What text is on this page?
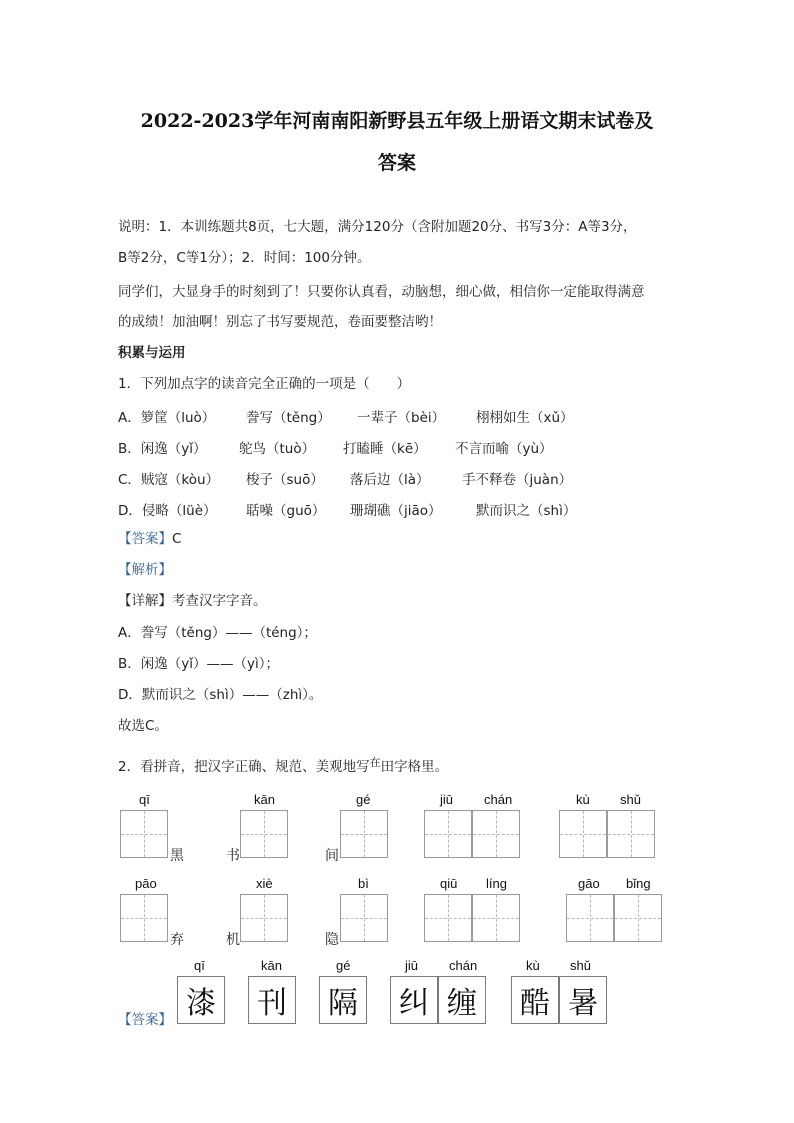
2022-2023学年河南南阳新野县五年级上册语文期末试卷及
答案
说明：1．本训练题共8页，七大题，满分120分（含附加题20分、书写3分：A等3分，
B等2分，C等1分）；2．时间：100分钟。
同学们，大显身手的时刻到了！只要你认真看，动脑想，细心做，相信你一定能取得满意
的成绩！加油啊！别忘了书写要规范，卷面要整洁哟！
积累与运用
1．下列加点字的读音完全正确的一项是（　　）
A．箩筐（luò） 誊写（těng） 一辈子（bèi） 栩栩如生（xǔ）
B．闲逸（yǐ） 鸵鸟（tuò） 打瞌睡（kē） 不言而喻（yù）
C．贼寇（kòu） 梭子（suō） 落后边（là） 手不释卷（juàn）
D．侵略（lüè） 聒噪（guō） 珊瑚礁（jiāo）	默而识之（shì）
【答案】C
【解析】
【详解】考查汉字字音。
A．誊写（těng）——（téng）；
B．闲逸（yǐ）——（yì）；
D．默而识之（shì）——（zhì）。
故选C。
2．看拼音，把汉字正确、规范、美观地写$^在$田字格里。
qī	kān	gé	jiū chán	kù shǔ
黑	书	间
pāo	xiè	bì	qiū líng	gāo bǐng
弃	机	隐
qī	kān	gé	jiū chán	kù shǔ
漆	刊	隔	纠 缠	酷 暑
【答案】
